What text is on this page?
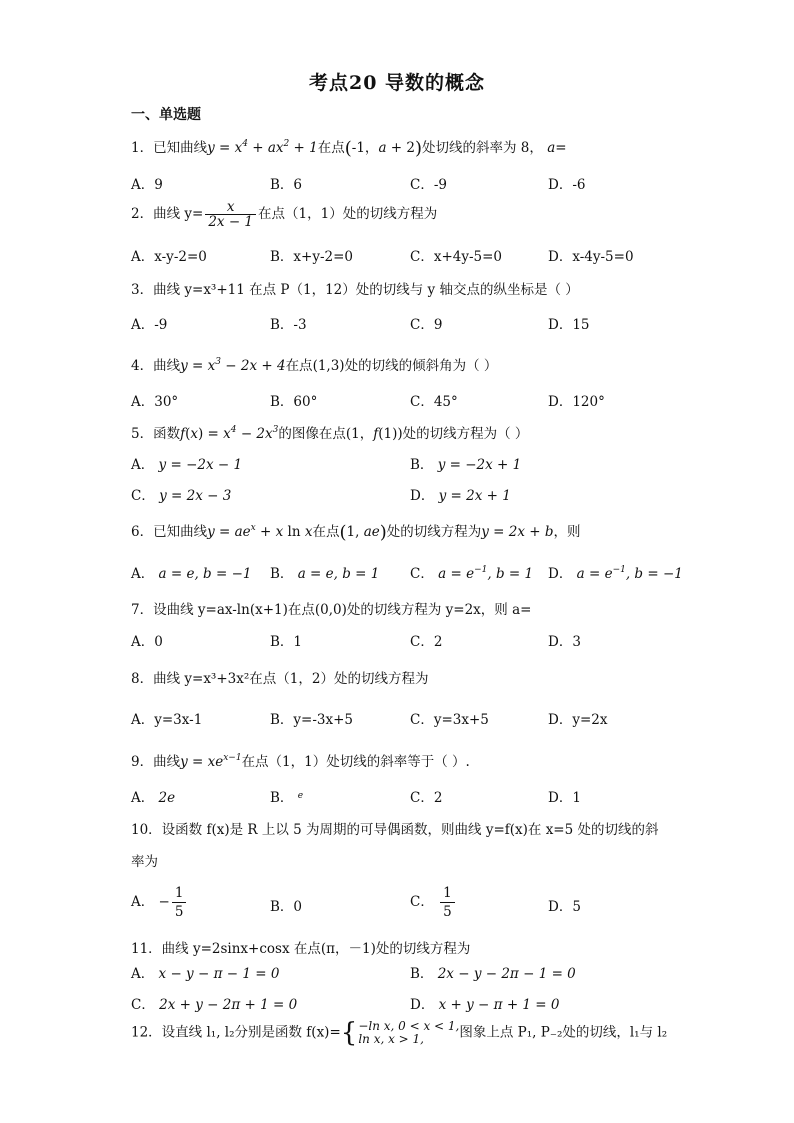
考点20 导数的概念
一、单选题
1．已知曲线$y = x^4 + ax^2 + 1$在点(-1，a + 2)处切线的斜率为 8， a=
A．9	B．6	C．-9	D．-6
2．曲线 $y= \frac{x}{2x - 1}$ 在点（1，1）处的切线方程为
A．x-y-2=0	B．x+y-2=0	C．x+4y-5=0	D．x-4y-5=0
3．曲线 y=x³+11 在点 P（1，12）处的切线与 y 轴交点的纵坐标是（ ）
A．-9	B．-3	C．9	D．15
4．曲线$y = x^3 - 2x + 4$在点(1,3)处的切线的倾斜角为（ ）
A．30°	B．60°	C．45°	D．120°
5．函数$f(x) = x^4 - 2x^3$的图像在点(1，f(1))处的切线方程为（ ）
A． y = −2x − 1	B． y = −2x + 1
C． y = 2x − 3	D． y = 2x + 1
6．已知曲线$y = ae^x + x$ ln x在点(1, ae)处的切线方程为y = 2x + b，则
A． a = e, b = −1 B． a = e, b = 1 C． $a = e^{-1}$, b = 1 D． $a = e^{-1}$, b = −1
7．设曲线 y=ax-ln(x+1)在点(0,0)处的切线方程为 y=2x，则 a=
A．0	B．1	C．2	D．3
8．曲线 y=x³+3x²在点（1，2）处的切线方程为
A．y=3x-1	B．y=-3x+5	C．y=3x+5	D．y=2x
9．曲线$y = xe^{x-1}$在点（1，1）处切线的斜率等于（ ）.
A． 2e	B． $^e$	C．2	D．1
10．设函数 f(x)是 R 上以 5 为周期的可导偶函数，则曲线 y=f(x)在 x=5 处的切线的斜
率为
A． − $\frac{1}{5}$	B．0	C． $\frac{1}{5}$	D．5
11．曲线 y=2sinx+cosx 在点(π，－1)处的切线方程为
A． x − y − π − 1 = 0	B． 2x − y − 2π − 1 = 0
C． 2x + y − 2π + 1 = 0	D． x + y − π + 1 = 0
12．设直线 l₁, l₂分别是函数 f(x)={−ln x, 0 < x < 1,
ln x, x > 1,	图象上点 P₁, P₋₂处的切线，l₁与 l₂
